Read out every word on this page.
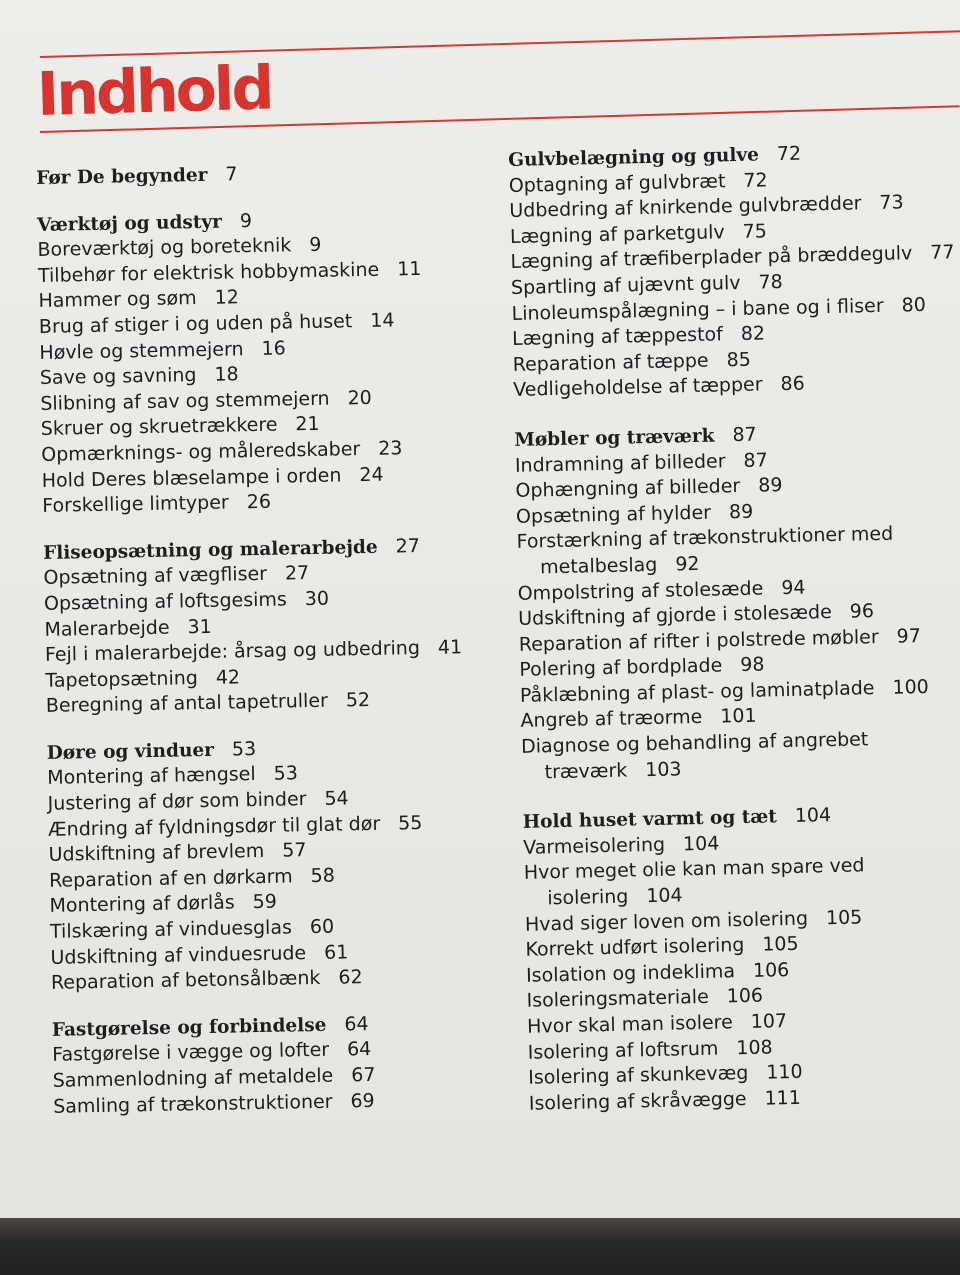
Indhold
Før De begynder 7
Værktøj og udstyr 9
Boreværktøj og boreteknik 9
Tilbehør for elektrisk hobbymaskine 11
Hammer og søm 12
Brug af stiger i og uden på huset 14
Høvle og stemmejern 16
Save og savning 18
Slibning af sav og stemmejern 20
Skruer og skruetrækkere 21
Opmærknings- og måleredskaber 23
Hold Deres blæselampe i orden 24
Forskellige limtyper 26
Fliseopsætning og malerarbejde 27
Opsætning af vægfliser 27
Opsætning af loftsgesims 30
Malerarbejde 31
Fejl i malerarbejde: årsag og udbedring 41
Tapetopsætning 42
Beregning af antal tapetruller 52
Døre og vinduer 53
Montering af hængsel 53
Justering af dør som binder 54
Ændring af fyldningsdør til glat dør 55
Udskiftning af brevlem 57
Reparation af en dørkarm 58
Montering af dørlås 59
Tilskæring af vinduesglas 60
Udskiftning af vinduesrude 61
Reparation af betonsålbænk 62
Fastgørelse og forbindelse 64
Fastgørelse i vægge og lofter 64
Sammenlodning af metaldele 67
Samling af trækonstruktioner 69
Gulvbelægning og gulve 72
Optagning af gulvbræt 72
Udbedring af knirkende gulvbrædder 73
Lægning af parketgulv 75
Lægning af træfiberplader på bræddegulv 77
Spartling af ujævnt gulv 78
Linoleumspålægning – i bane og i fliser 80
Lægning af tæppestof 82
Reparation af tæppe 85
Vedligeholdelse af tæpper 86
Møbler og træværk 87
Indramning af billeder 87
Ophængning af billeder 89
Opsætning af hylder 89
Forstærkning af trækonstruktioner med
metalbeslag 92
Ompolstring af stolesæde 94
Udskiftning af gjorde i stolesæde 96
Reparation af rifter i polstrede møbler 97
Polering af bordplade 98
Påklæbning af plast- og laminatplade 100
Angreb af træorme 101
Diagnose og behandling af angrebet
træværk 103
Hold huset varmt og tæt 104
Varmeisolering 104
Hvor meget olie kan man spare ved
isolering 104
Hvad siger loven om isolering 105
Korrekt udført isolering 105
Isolation og indeklima 106
Isoleringsmateriale 106
Hvor skal man isolere 107
Isolering af loftsrum 108
Isolering af skunkevæg 110
Isolering af skråvægge 111
